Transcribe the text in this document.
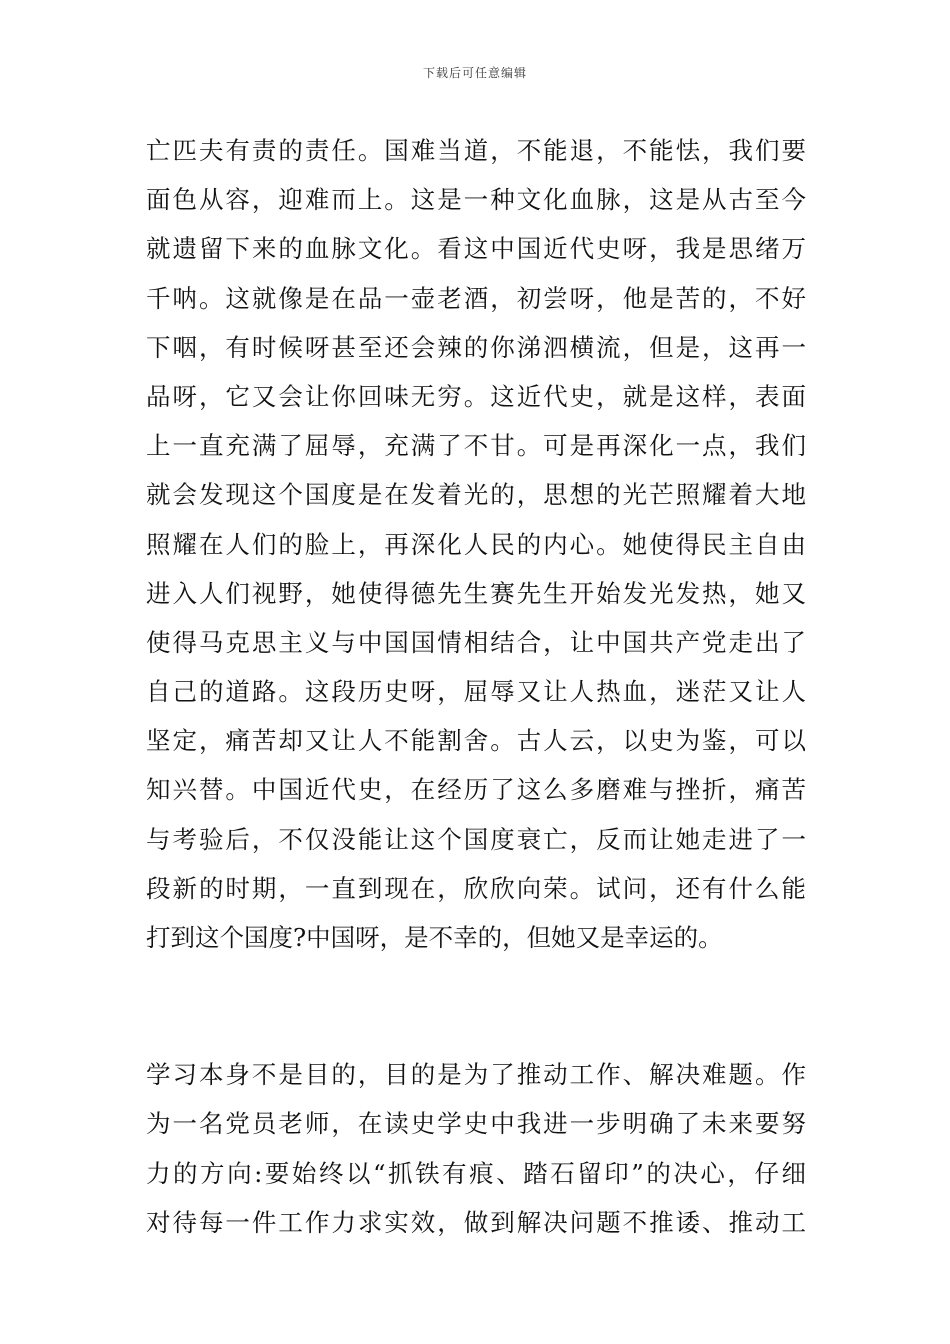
下载后可任意编辑
亡匹夫有责的责任。国难当道，不能退，不能怯，我们要
面色从容，迎难而上。这是一种文化血脉，这是从古至今
就遗留下来的血脉文化。看这中国近代史呀，我是思绪万
千呐。这就像是在品一壶老酒，初尝呀，他是苦的，不好
下咽，有时候呀甚至还会辣的你涕泗横流，但是，这再一
品呀，它又会让你回味无穷。这近代史，就是这样，表面
上一直充满了屈辱，充满了不甘。可是再深化一点，我们
就会发现这个国度是在发着光的，思想的光芒照耀着大地
照耀在人们的脸上，再深化人民的内心。她使得民主自由
进入人们视野，她使得德先生赛先生开始发光发热，她又
使得马克思主义与中国国情相结合，让中国共产党走出了
自己的道路。这段历史呀，屈辱又让人热血，迷茫又让人
坚定，痛苦却又让人不能割舍。古人云，以史为鉴，可以
知兴替。中国近代史，在经历了这么多磨难与挫折，痛苦
与考验后，不仅没能让这个国度衰亡，反而让她走进了一
段新的时期，一直到现在，欣欣向荣。试问，还有什么能
打到这个国度?中国呀，是不幸的，但她又是幸运的。
学习本身不是目的，目的是为了推动工作、解决难题。作
为一名党员老师，在读史学史中我进一步明确了未来要努
力的方向:要始终以“抓铁有痕、踏石留印”的决心，仔细
对待每一件工作力求实效，做到解决问题不推诿、推动工
